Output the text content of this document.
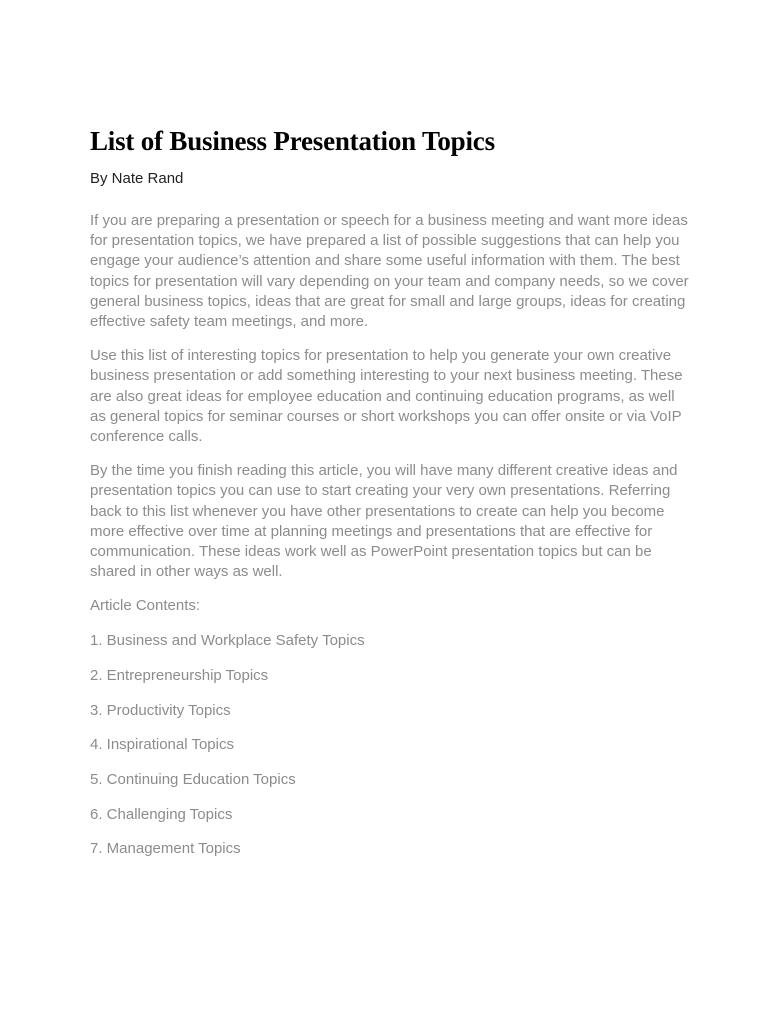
List of Business Presentation Topics
By Nate Rand

If you are preparing a presentation or speech for a business meeting and want more ideas for presentation topics, we have prepared a list of possible suggestions that can help you engage your audience’s attention and share some useful information with them. The best topics for presentation will vary depending on your team and company needs, so we cover general business topics, ideas that are great for small and large groups, ideas for creating effective safety team meetings, and more.

Use this list of interesting topics for presentation to help you generate your own creative business presentation or add something interesting to your next business meeting. These are also great ideas for employee education and continuing education programs, as well as general topics for seminar courses or short workshops you can offer onsite or via VoIP conference calls.

By the time you finish reading this article, you will have many different creative ideas and presentation topics you can use to start creating your very own presentations. Referring back to this list whenever you have other presentations to create can help you become more effective over time at planning meetings and presentations that are effective for communication. These ideas work well as PowerPoint presentation topics but can be shared in other ways as well.

Article Contents:

1. Business and Workplace Safety Topics
2. Entrepreneurship Topics
3. Productivity Topics
4. Inspirational Topics
5. Continuing Education Topics
6. Challenging Topics
7. Management Topics
